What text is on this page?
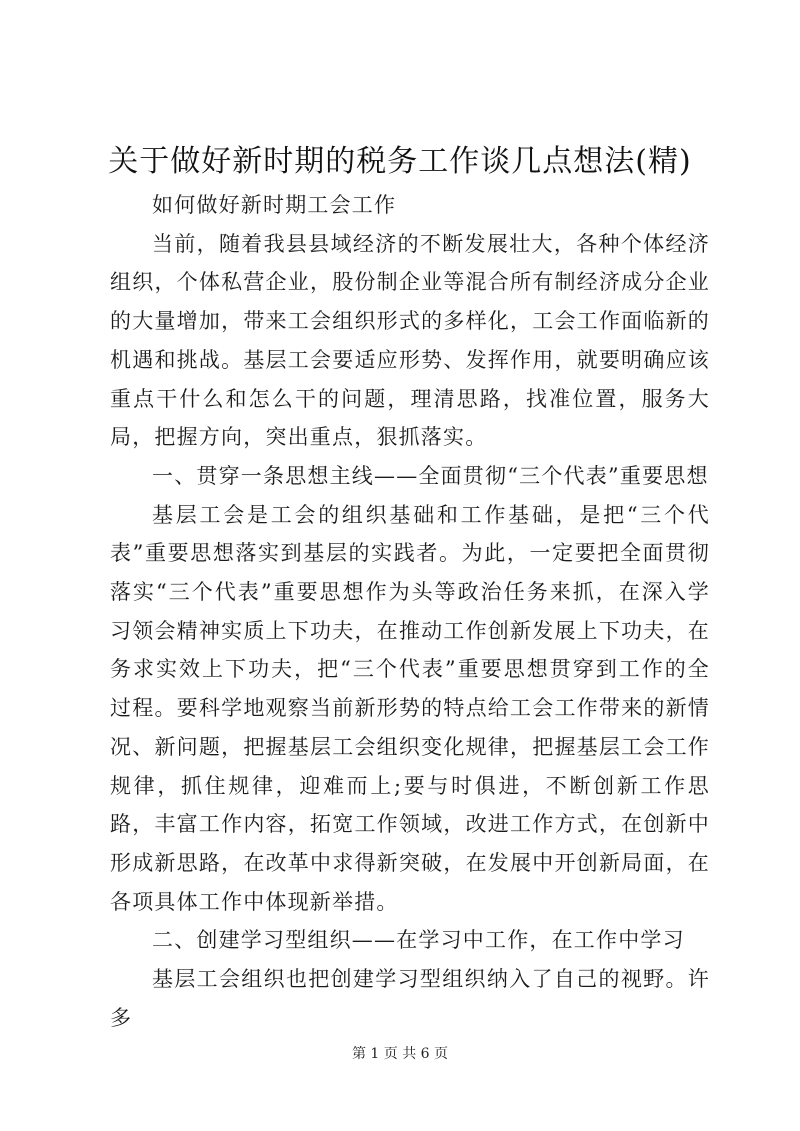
关于做好新时期的税务工作谈几点想法(精)

如何做好新时期工会工作

当前，随着我县县域经济的不断发展壮大，各种个体经济组织，个体私营企业，股份制企业等混合所有制经济成分企业的大量增加，带来工会组织形式的多样化，工会工作面临新的机遇和挑战。基层工会要适应形势、发挥作用，就要明确应该重点干什么和怎么干的问题，理清思路，找准位置，服务大局，把握方向，突出重点，狠抓落实。

一、贯穿一条思想主线——全面贯彻“三个代表”重要思想

基层工会是工会的组织基础和工作基础，是把“三个代表”重要思想落实到基层的实践者。为此，一定要把全面贯彻落实“三个代表”重要思想作为头等政治任务来抓，在深入学习领会精神实质上下功夫，在推动工作创新发展上下功夫，在务求实效上下功夫，把“三个代表”重要思想贯穿到工作的全过程。要科学地观察当前新形势的特点给工会工作带来的新情况、新问题，把握基层工会组织变化规律，把握基层工会工作规律，抓住规律，迎难而上;要与时俱进，不断创新工作思路，丰富工作内容，拓宽工作领域，改进工作方式，在创新中形成新思路，在改革中求得新突破，在发展中开创新局面，在各项具体工作中体现新举措。

二、创建学习型组织——在学习中工作，在工作中学习

基层工会组织也把创建学习型组织纳入了自己的视野。许多

第 1 页 共 6 页
